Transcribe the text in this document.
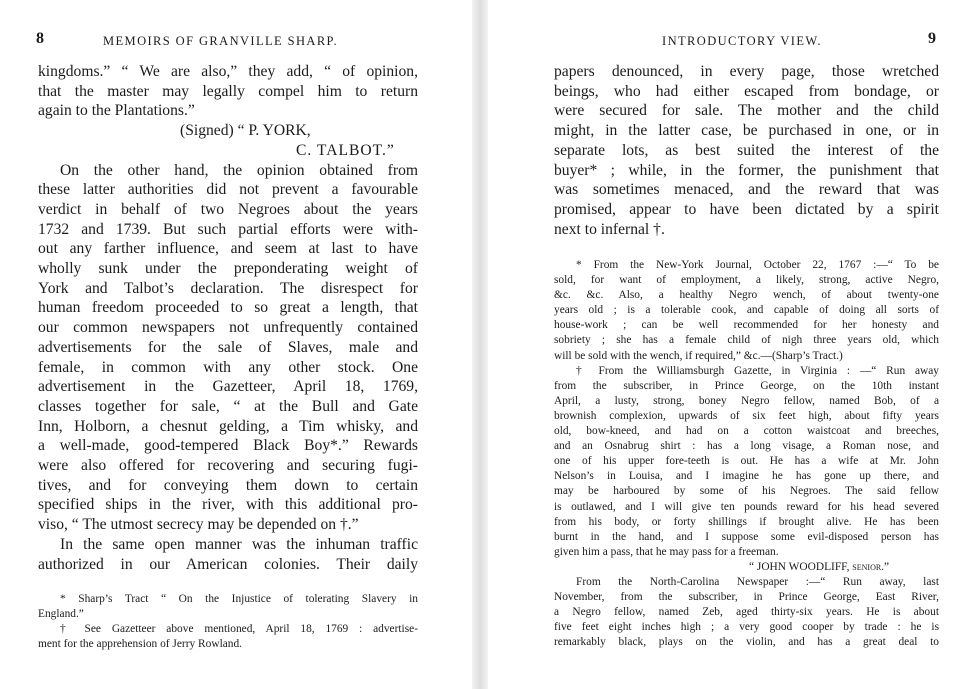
8	MEMOIRS OF GRANVILLE SHARP.
kingdoms.” “ We are also,” they add, “ of opinion,
that the master may legally compel him to return
again to the Plantations.”
(Signed) “ P. YORK,
C. TALBOT.”
On the other hand, the opinion obtained from
these latter authorities did not prevent a favourable
verdict in behalf of two Negroes about the years
1732 and 1739. But such partial efforts were with-
out any farther influence, and seem at last to have
wholly sunk under the preponderating weight of
York and Talbot’s declaration. The disrespect for
human freedom proceeded to so great a length, that
our common newspapers not unfrequently contained
advertisements for the sale of Slaves, male and
female, in common with any other stock. One
advertisement in the Gazetteer, April 18, 1769,
classes together for sale, “ at the Bull and Gate
Inn, Holborn, a chesnut gelding, a Tim whisky, and
a well-made, good-tempered Black Boy*.” Rewards
were also offered for recovering and securing fugi-
tives, and for conveying them down to certain
specified ships in the river, with this additional pro-
viso, “ The utmost secrecy may be depended on †.”
In the same open manner was the inhuman traffic
authorized in our American colonies. Their daily
* Sharp’s Tract “ On the Injustice of tolerating Slavery in
England.”
† See Gazetteer above mentioned, April 18, 1769 : advertise-
ment for the apprehension of Jerry Rowland.
INTRODUCTORY VIEW.	9
papers denounced, in every page, those wretched
beings, who had either escaped from bondage, or
were secured for sale. The mother and the child
might, in the latter case, be purchased in one, or in
separate lots, as best suited the interest of the
buyer* ; while, in the former, the punishment that
was sometimes menaced, and the reward that was
promised, appear to have been dictated by a spirit
next to infernal †.
* From the New-York Journal, October 22, 1767 :—“ To be
sold, for want of employment, a likely, strong, active Negro,
&c. &c. Also, a healthy Negro wench, of about twenty-one
years old ; is a tolerable cook, and capable of doing all sorts of
house-work ; can be well recommended for her honesty and
sobriety ; she has a female child of nigh three years old, which
will be sold with the wench, if required,” &c.—(Sharp’s Tract.)
† From the Williamsburgh Gazette, in Virginia : —“ Run away
from the subscriber, in Prince George, on the 10th instant
April, a lusty, strong, boney Negro fellow, named Bob, of a
brownish complexion, upwards of six feet high, about fifty years
old, bow-kneed, and had on a cotton waistcoat and breeches,
and an Osnabrug shirt : has a long visage, a Roman nose, and
one of his upper fore-teeth is out. He has a wife at Mr. John
Nelson’s in Louisa, and I imagine he has gone up there, and
may be harboured by some of his Negroes. The said fellow
is outlawed, and I will give ten pounds reward for his head severed
from his body, or forty shillings if brought alive. He has been
burnt in the hand, and I suppose some evil-disposed person has
given him a pass, that he may pass for a freeman.
“ JOHN WOODLIFF, senior.”
From the North-Carolina Newspaper :—“ Run away, last
November, from the subscriber, in Prince George, East River,
a Negro fellow, named Zeb, aged thirty-six years. He is about
five feet eight inches high ; a very good cooper by trade : he is
remarkably black, plays on the violin, and has a great deal to
